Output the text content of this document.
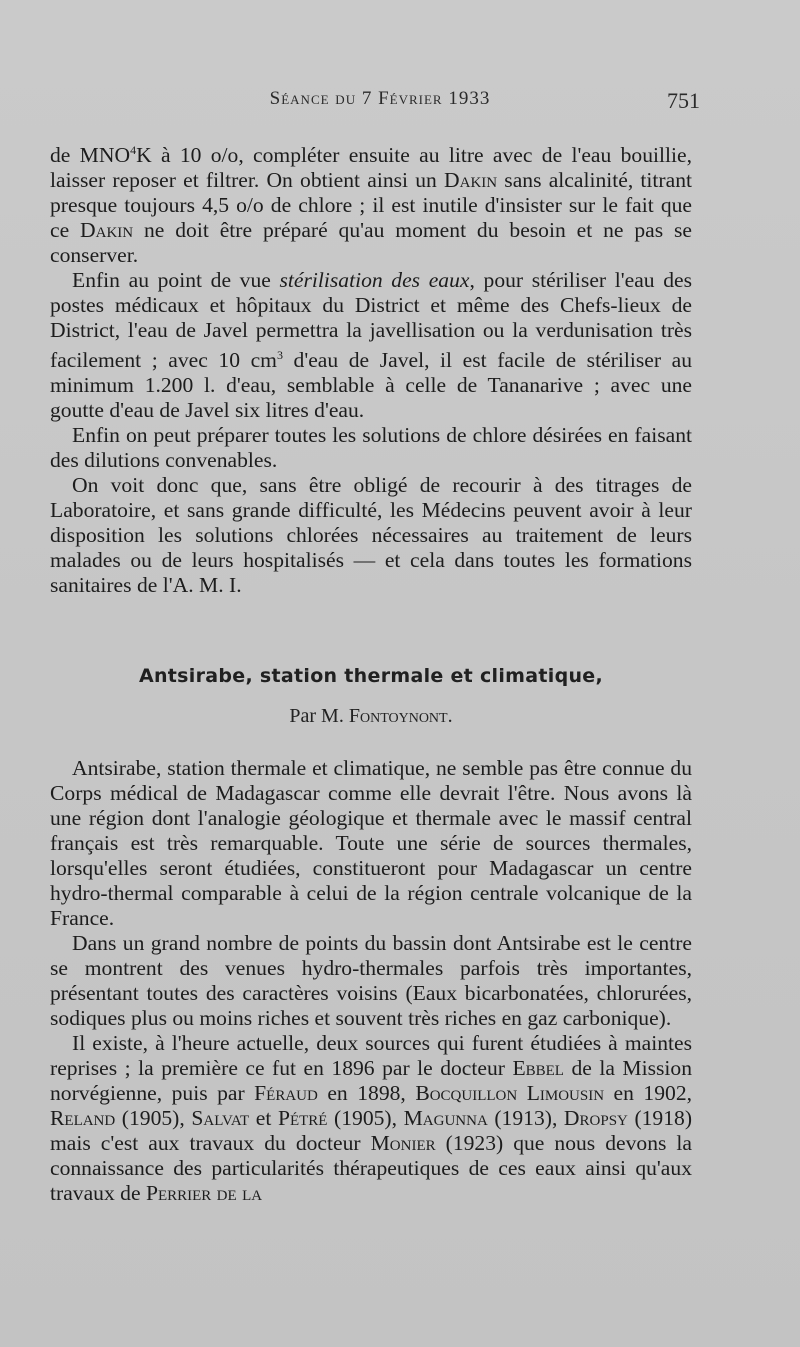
Séance du 7 Février 1933	751

de MNO$^4$K à 10 o/o, compléter ensuite au litre avec de l'eau bouillie, laisser reposer et filtrer. On obtient ainsi un Dakin sans alcalinité, titrant presque toujours 4,5 o/o de chlore ; il est inutile d'insister sur le fait que ce Dakin ne doit être préparé qu'au moment du besoin et ne pas se conserver.

Enfin au point de vue stérilisation des eaux, pour stériliser l'eau des postes médicaux et hôpitaux du District et même des Chefs-lieux de District, l'eau de Javel permettra la javellisation ou la verdunisation très facilement ; avec 10 $cm^3$ d'eau de Javel, il est facile de stériliser au minimum 1.200 l. d'eau, semblable à celle de Tananarive ; avec une goutte d'eau de Javel six litres d'eau.

Enfin on peut préparer toutes les solutions de chlore désirées en faisant des dilutions convenables.

On voit donc que, sans être obligé de recourir à des titrages de Laboratoire, et sans grande difficulté, les Médecins peuvent avoir à leur disposition les solutions chlorées nécessaires au traitement de leurs malades ou de leurs hospitalisés — et cela dans toutes les formations sanitaires de l'A. M. I.

Antsirabe, station thermale et climatique,
Par M. Fontoynont.

Antsirabe, station thermale et climatique, ne semble pas être connue du Corps médical de Madagascar comme elle devrait l'être. Nous avons là une région dont l'analogie géologique et thermale avec le massif central français est très remarquable. Toute une série de sources thermales, lorsqu'elles seront étudiées, constitueront pour Madagascar un centre hydro-thermal comparable à celui de la région centrale volcanique de la France.

Dans un grand nombre de points du bassin dont Antsirabe est le centre se montrent des venues hydro-thermales parfois très importantes, présentant toutes des caractères voisins (Eaux bicarbonatées, chlorurées, sodiques plus ou moins riches et souvent très riches en gaz carbonique).

Il existe, à l'heure actuelle, deux sources qui furent étudiées à maintes reprises ; la première ce fut en 1896 par le docteur Ebbel de la Mission norvégienne, puis par Féraud en 1898, Bocquillon Limousin en 1902, Reland (1905), Salvat et Pétré (1905), Magunna (1913), Dropsy (1918) mais c'est aux travaux du docteur Monier (1923) que nous devons la connaissance des particularités thérapeutiques de ces eaux ainsi qu'aux travaux de Perrier de la
